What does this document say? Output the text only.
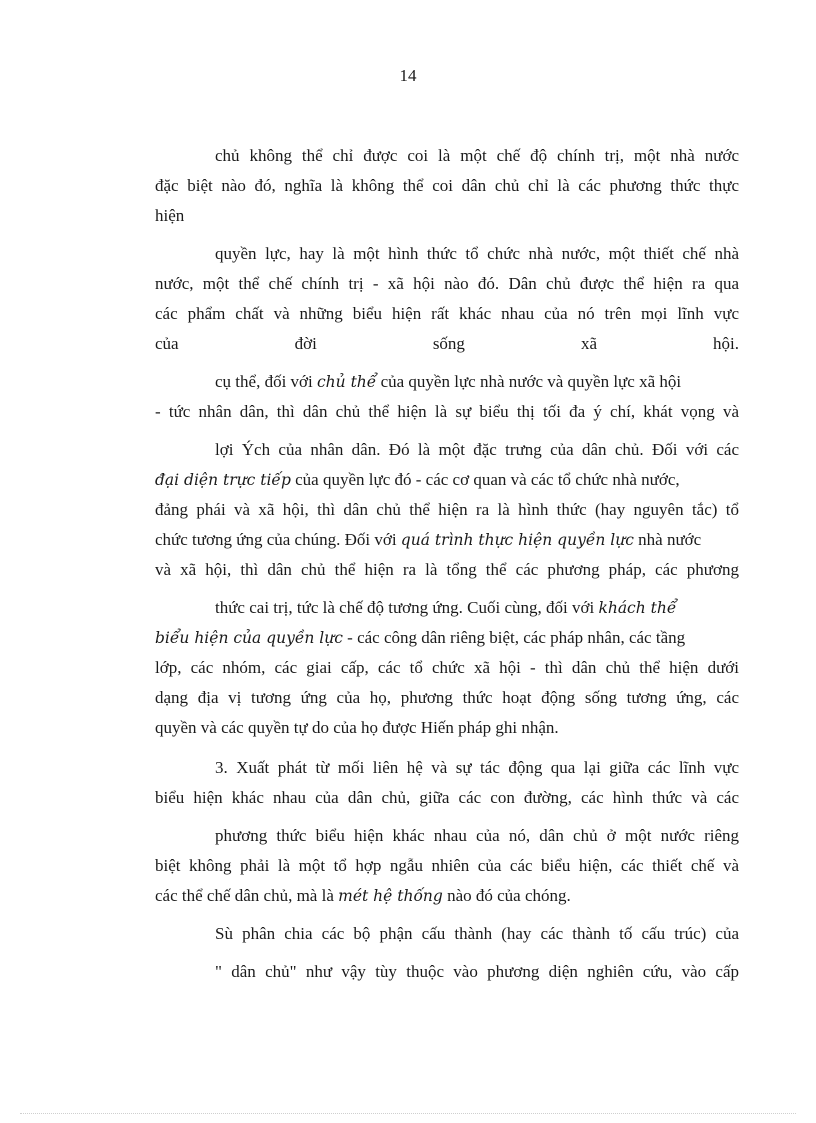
14
chủ không thể chỉ được coi là một chế độ chính trị, một nhà nước
đặc biệt nào đó, nghĩa là không thể coi dân chủ chỉ là các phương thức thực
hiện
quyền lực, hay là một hình thức tổ chức nhà nước, một thiết chế nhà
nước, một thể chế chính trị - xã hội nào đó. Dân chủ được thể hiện ra qua
các phẩm chất và những biểu hiện rất khác nhau của nó trên mọi lĩnh vực
của	đời	sống	xã	hội.
cụ thể, đối với chủ thể của quyền lực nhà nước và quyền lực xã hội
- tức nhân dân, thì dân chủ thể hiện là sự biểu thị tối đa ý chí, khát vọng và
lợi Ých của nhân dân. Đó là một đặc trưng của dân chủ. Đối với các
đại diện trực tiếp của quyền lực đó - các cơ quan và các tổ chức nhà nước,
đảng phái và xã hội, thì dân chủ thể hiện ra là hình thức (hay nguyên tắc) tổ
chức tương ứng của chúng. Đối với quá trình thực hiện quyền lực nhà nước
và xã hội, thì dân chủ thể hiện ra là tổng thể các phương pháp, các phương
thức cai trị, tức là chế độ tương ứng. Cuối cùng, đối với khách thể
biểu hiện của quyền lực - các công dân riêng biệt, các pháp nhân, các tầng
lớp, các nhóm, các giai cấp, các tổ chức xã hội - thì dân chủ thể hiện dưới
dạng địa vị tương ứng của họ, phương thức hoạt động sống tương ứng, các
quyền và các quyền tự do của họ được Hiến pháp ghi nhận.
3. Xuất phát từ mối liên hệ và sự tác động qua lại giữa các lĩnh vực
biểu hiện khác nhau của dân chủ, giữa các con đường, các hình thức và các
phương thức biểu hiện khác nhau của nó, dân chủ ở một nước riêng
biệt không phải là một tổ hợp ngẫu nhiên của các biểu hiện, các thiết chế và
các thể chế dân chủ, mà là mét hệ thống nào đó của chóng.
Sù phân chia các bộ phận cấu thành (hay các thành tố cấu trúc) của
" dân chủ" như vậy tùy thuộc vào phương diện nghiên cứu, vào cấp
